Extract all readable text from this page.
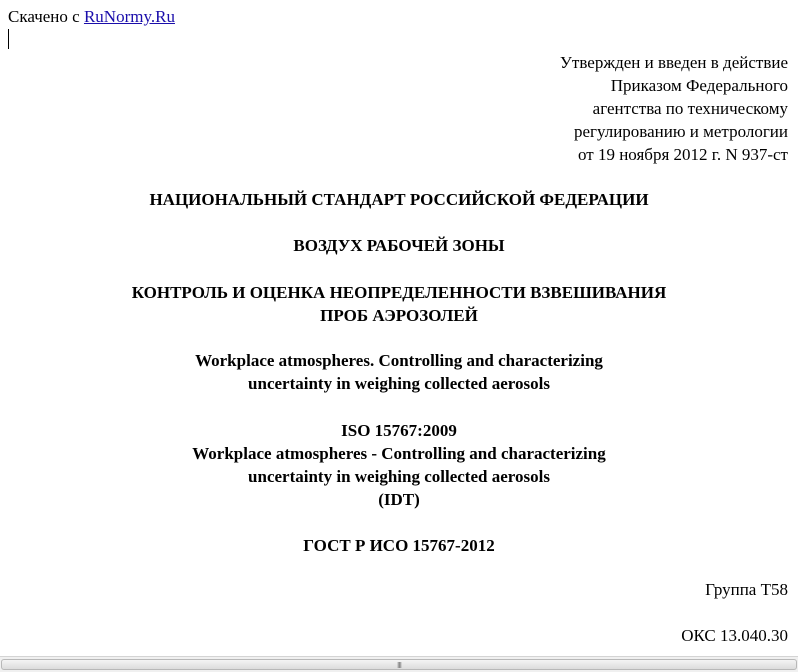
Скачено с RuNormy.Ru
Утвержден и введен в действие
Приказом Федерального
агентства по техническому
регулированию и метрологии
от 19 ноября 2012 г. N 937-ст
НАЦИОНАЛЬНЫЙ СТАНДАРТ РОССИЙСКОЙ ФЕДЕРАЦИИ
ВОЗДУХ РАБОЧЕЙ ЗОНЫ
КОНТРОЛЬ И ОЦЕНКА НЕОПРЕДЕЛЕННОСТИ ВЗВЕШИВАНИЯ
ПРОБ АЭРОЗОЛЕЙ
Workplace atmospheres. Controlling and characterizing
uncertainty in weighing collected aerosols
ISO 15767:2009
Workplace atmospheres - Controlling and characterizing
uncertainty in weighing collected aerosols
(IDT)
ГОСТ Р ИСО 15767-2012
Группа Т58
ОКС 13.040.30
III
